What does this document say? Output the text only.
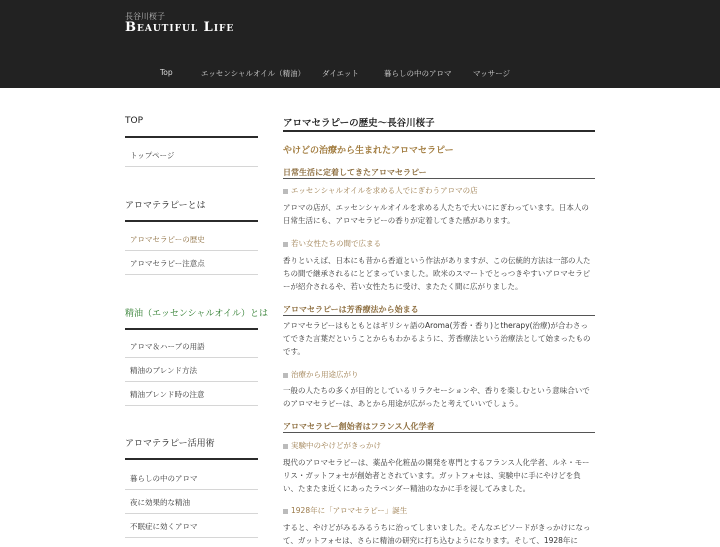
長谷川桜子
Beautiful Life
Top	エッセンシャルオイル（精油） ダイエット	暮らしの中のアロマ	マッサージ
TOP
トップページ
アロマテラピーとは
アロマセラピーの歴史
アロマセラピー注意点
精油（エッセンシャルオイル）とは
アロマ＆ハーブの用語
精油のブレンド方法
精油ブレンド時の注意
アロマテラピー活用術
暮らしの中のアロマ
夜に効果的な精油
不眠症に効くアロマ
アロマセラピーの歴史～長谷川桜子
やけどの治療から生まれたアロマセラピー
日常生活に定着してきたアロマセラピー
エッセンシャルオイルを求める人でにぎわうアロマの店
アロマの店が、エッセンシャルオイルを求める人たちで大いににぎわっています。日本人の日常生活にも、アロマセラピーの香りが定着してきた感があります。
若い女性たちの間で広まる
香りといえば、日本にも昔から香道という作法がありますが、この伝統的方法は一部の人たちの間で継承されるにとどまっていました。欧米のスマートでとっつきやすいアロマセラピーが紹介されるや、若い女性たちに受け、またたく間に広がりました。
アロマセラピーは芳香療法から始まる
アロマセラピーはもともとはギリシャ語のAroma(芳香・香り)とtherapy(治療)が合わさってできた言葉だということからもわかるように、芳香療法という治療法として始まったものです。
治療から用途広がり
一般の人たちの多くが目的としているリラクセーションや、香りを楽しむという意味合いでのアロマセラピーは、あとから用途が広がったと考えていいでしょう。
アロマセラピー創始者はフランス人化学者
実験中のやけどがきっかけ
現代のアロマセラピーは、薬品や化粧品の開発を専門とするフランス人化学者、ルネ・モーリス・ガットフォセが創始者とされています。ガットフォセは、実験中に手にやけどを負い、たまたま近くにあったラベンダー精油のなかに手を浸してみました。
1928年に「アロマセラピー」誕生
すると、やけどがみるみるうちに治ってしまいました。そんなエピソードがきっかけになって、ガットフォセは、さらに精油の研究に打ち込むようになります。そして、1928年に
